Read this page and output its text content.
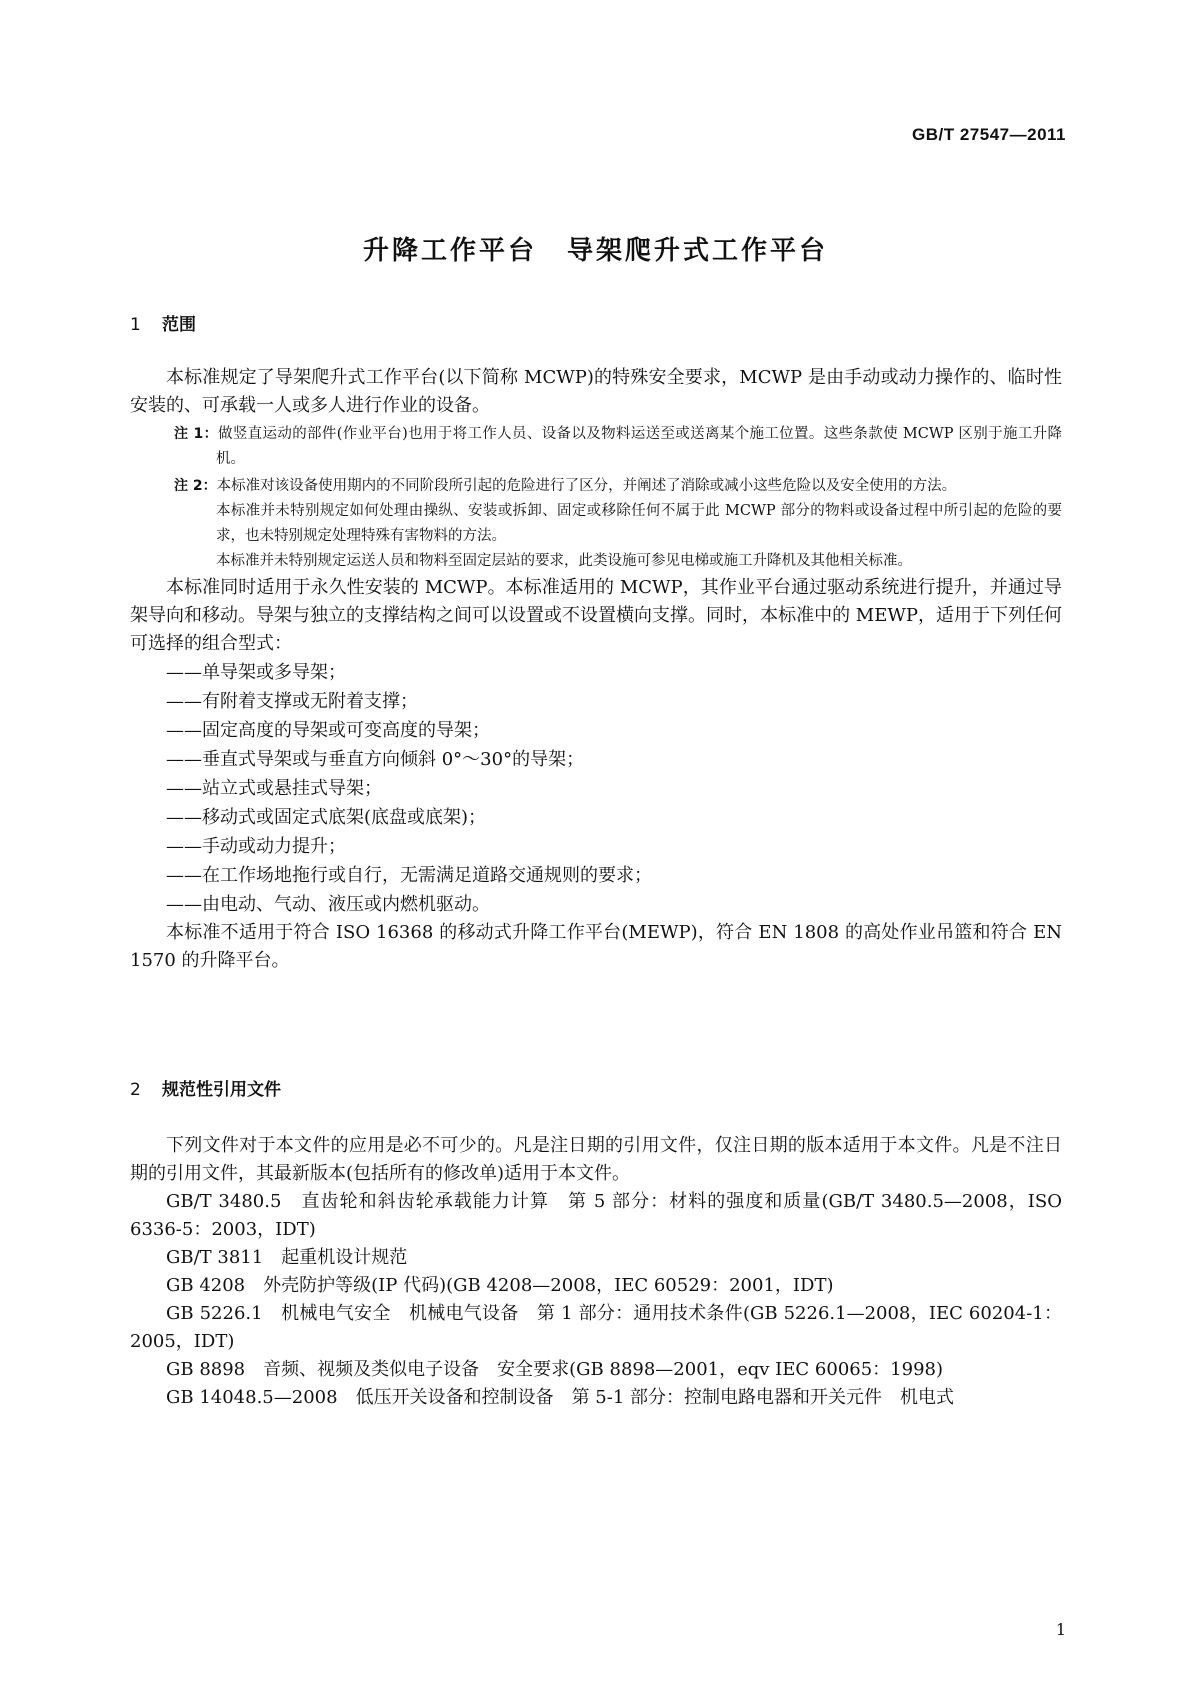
GB/T 27547—2011
升降工作平台 导架爬升式工作平台
1 范围

本标准规定了导架爬升式工作平台(以下简称 MCWP)的特殊安全要求，MCWP 是由手动或动力操作的、临时性安装的、可承载一人或多人进行作业的设备。

注 1：做竖直运动的部件(作业平台)也用于将工作人员、设备以及物料运送至或送离某个施工位置。这些条款使 MCWP 区别于施工升降机。
注 2：本标准对该设备使用期内的不同阶段所引起的危险进行了区分，并阐述了消除或减小这些危险以及安全使用的方法。
本标准并未特别规定如何处理由操纵、安装或拆卸、固定或移除任何不属于此 MCWP 部分的物料或设备过程中所引起的危险的要求，也未特别规定处理特殊有害物料的方法。
本标准并未特别规定运送人员和物料至固定层站的要求，此类设施可参见电梯或施工升降机及其他相关标准。

本标准同时适用于永久性安装的 MCWP。本标准适用的 MCWP，其作业平台通过驱动系统进行提升，并通过导架导向和移动。导架与独立的支撑结构之间可以设置或不设置横向支撑。同时，本标准中的 MEWP，适用于下列任何可选择的组合型式：

——单导架或多导架；
——有附着支撑或无附着支撑；
——固定高度的导架或可变高度的导架；
——垂直式导架或与垂直方向倾斜 0°～30°的导架；
——站立式或悬挂式导架；
——移动式或固定式底架(底盘或底架)；
——手动或动力提升；
——在工作场地拖行或自行，无需满足道路交通规则的要求；
——由电动、气动、液压或内燃机驱动。

本标准不适用于符合 ISO 16368 的移动式升降工作平台(MEWP)，符合 EN 1808 的高处作业吊篮和符合 EN 1570 的升降平台。

2 规范性引用文件

下列文件对于本文件的应用是必不可少的。凡是注日期的引用文件，仅注日期的版本适用于本文件。凡是不注日期的引用文件，其最新版本(包括所有的修改单)适用于本文件。

GB/T 3480.5　直齿轮和斜齿轮承载能力计算　第 5 部分：材料的强度和质量(GB/T 3480.5—2008，ISO 6336-5：2003，IDT)

GB/T 3811　起重机设计规范

GB 4208　外壳防护等级(IP 代码)(GB 4208—2008，IEC 60529：2001，IDT)

GB 5226.1　机械电气安全　机械电气设备　第 1 部分：通用技术条件(GB 5226.1—2008，IEC 60204-1：2005，IDT)

GB 8898　音频、视频及类似电子设备　安全要求(GB 8898—2001，eqv IEC 60065：1998)

GB 14048.5—2008　低压开关设备和控制设备　第 5-1 部分：控制电路电器和开关元件　机电式

1
